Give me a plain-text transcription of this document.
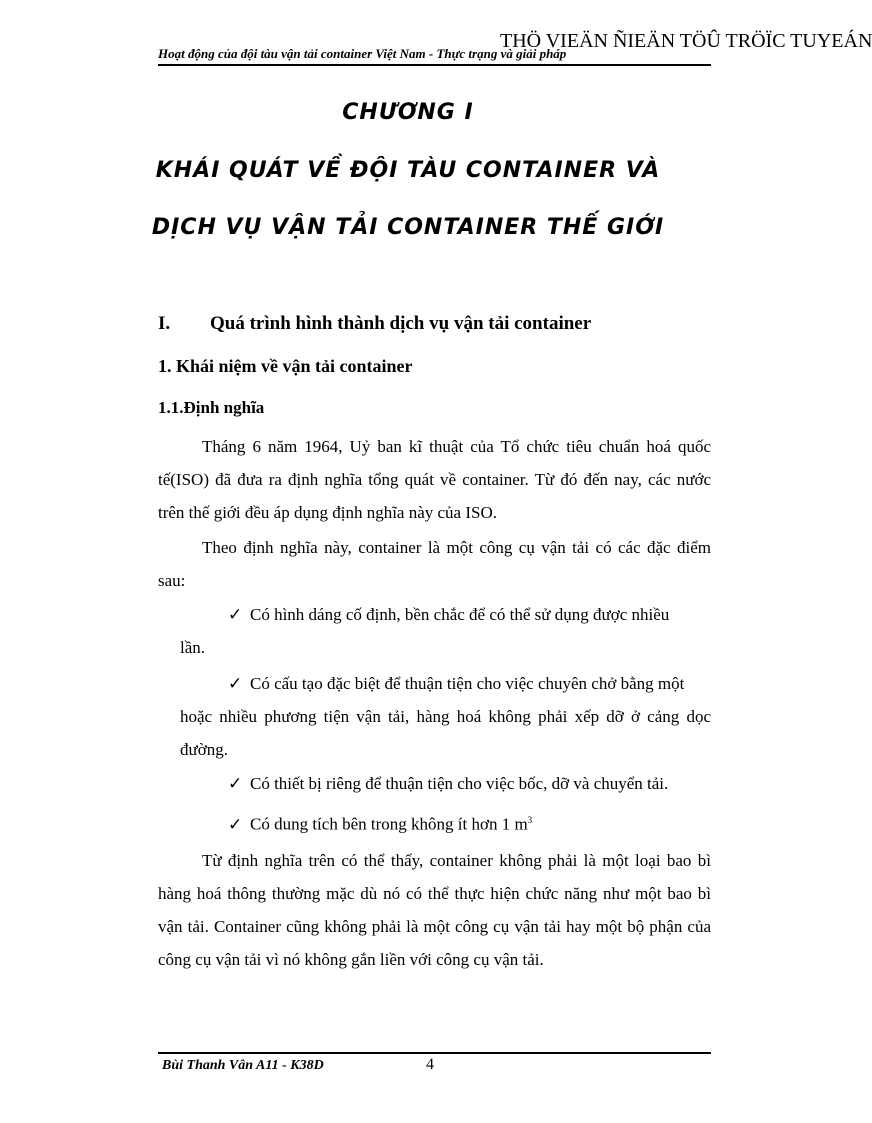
THÖ VIEÄN ÑIEÄN TÖÛ TRÖÏC TUYEÁN
Hoạt động của đội tàu vận tải container Việt Nam - Thực trạng và giải pháp
CHƯƠNG I
KHÁI QUÁT VỀ ĐỘI TÀU CONTAINER VÀ
DỊCH VỤ VẬN TẢI CONTAINER THẾ GIỚI
I. Quá trình hình thành dịch vụ vận tải container
1. Khái niệm về vận tải container
1.1.Định nghĩa
Tháng 6 năm 1964, Uỷ ban kĩ thuật của Tổ chức tiêu chuẩn hoá quốc tế(ISO) đã đưa ra định nghĩa tổng quát về container. Từ đó đến nay, các nước trên thế giới đều áp dụng định nghĩa này của ISO.
Theo định nghĩa này, container là một công cụ vận tải có các đặc điểm sau:
✓ Có hình dáng cố định, bền chắc để có thể sử dụng được nhiều
lần.
✓ Có cấu tạo đặc biệt để thuận tiện cho việc chuyên chở bằng một
hoặc nhiều phương tiện vận tải, hàng hoá không phải xếp dỡ ở cảng dọc đường.
✓ Có thiết bị riêng để thuận tiện cho việc bốc, dỡ và chuyển tải.
✓ Có dung tích bên trong không ít hơn 1 $m^3$
Từ định nghĩa trên có thể thấy, container không phải là một loại bao bì hàng hoá thông thường mặc dù nó có thể thực hiện chức năng như một bao bì vận tải. Container cũng không phải là một công cụ vận tải hay một bộ phận của công cụ vận tải vì nó không gắn liền với công cụ vận tải.
Bùi Thanh Vân A11 - K38D	4
